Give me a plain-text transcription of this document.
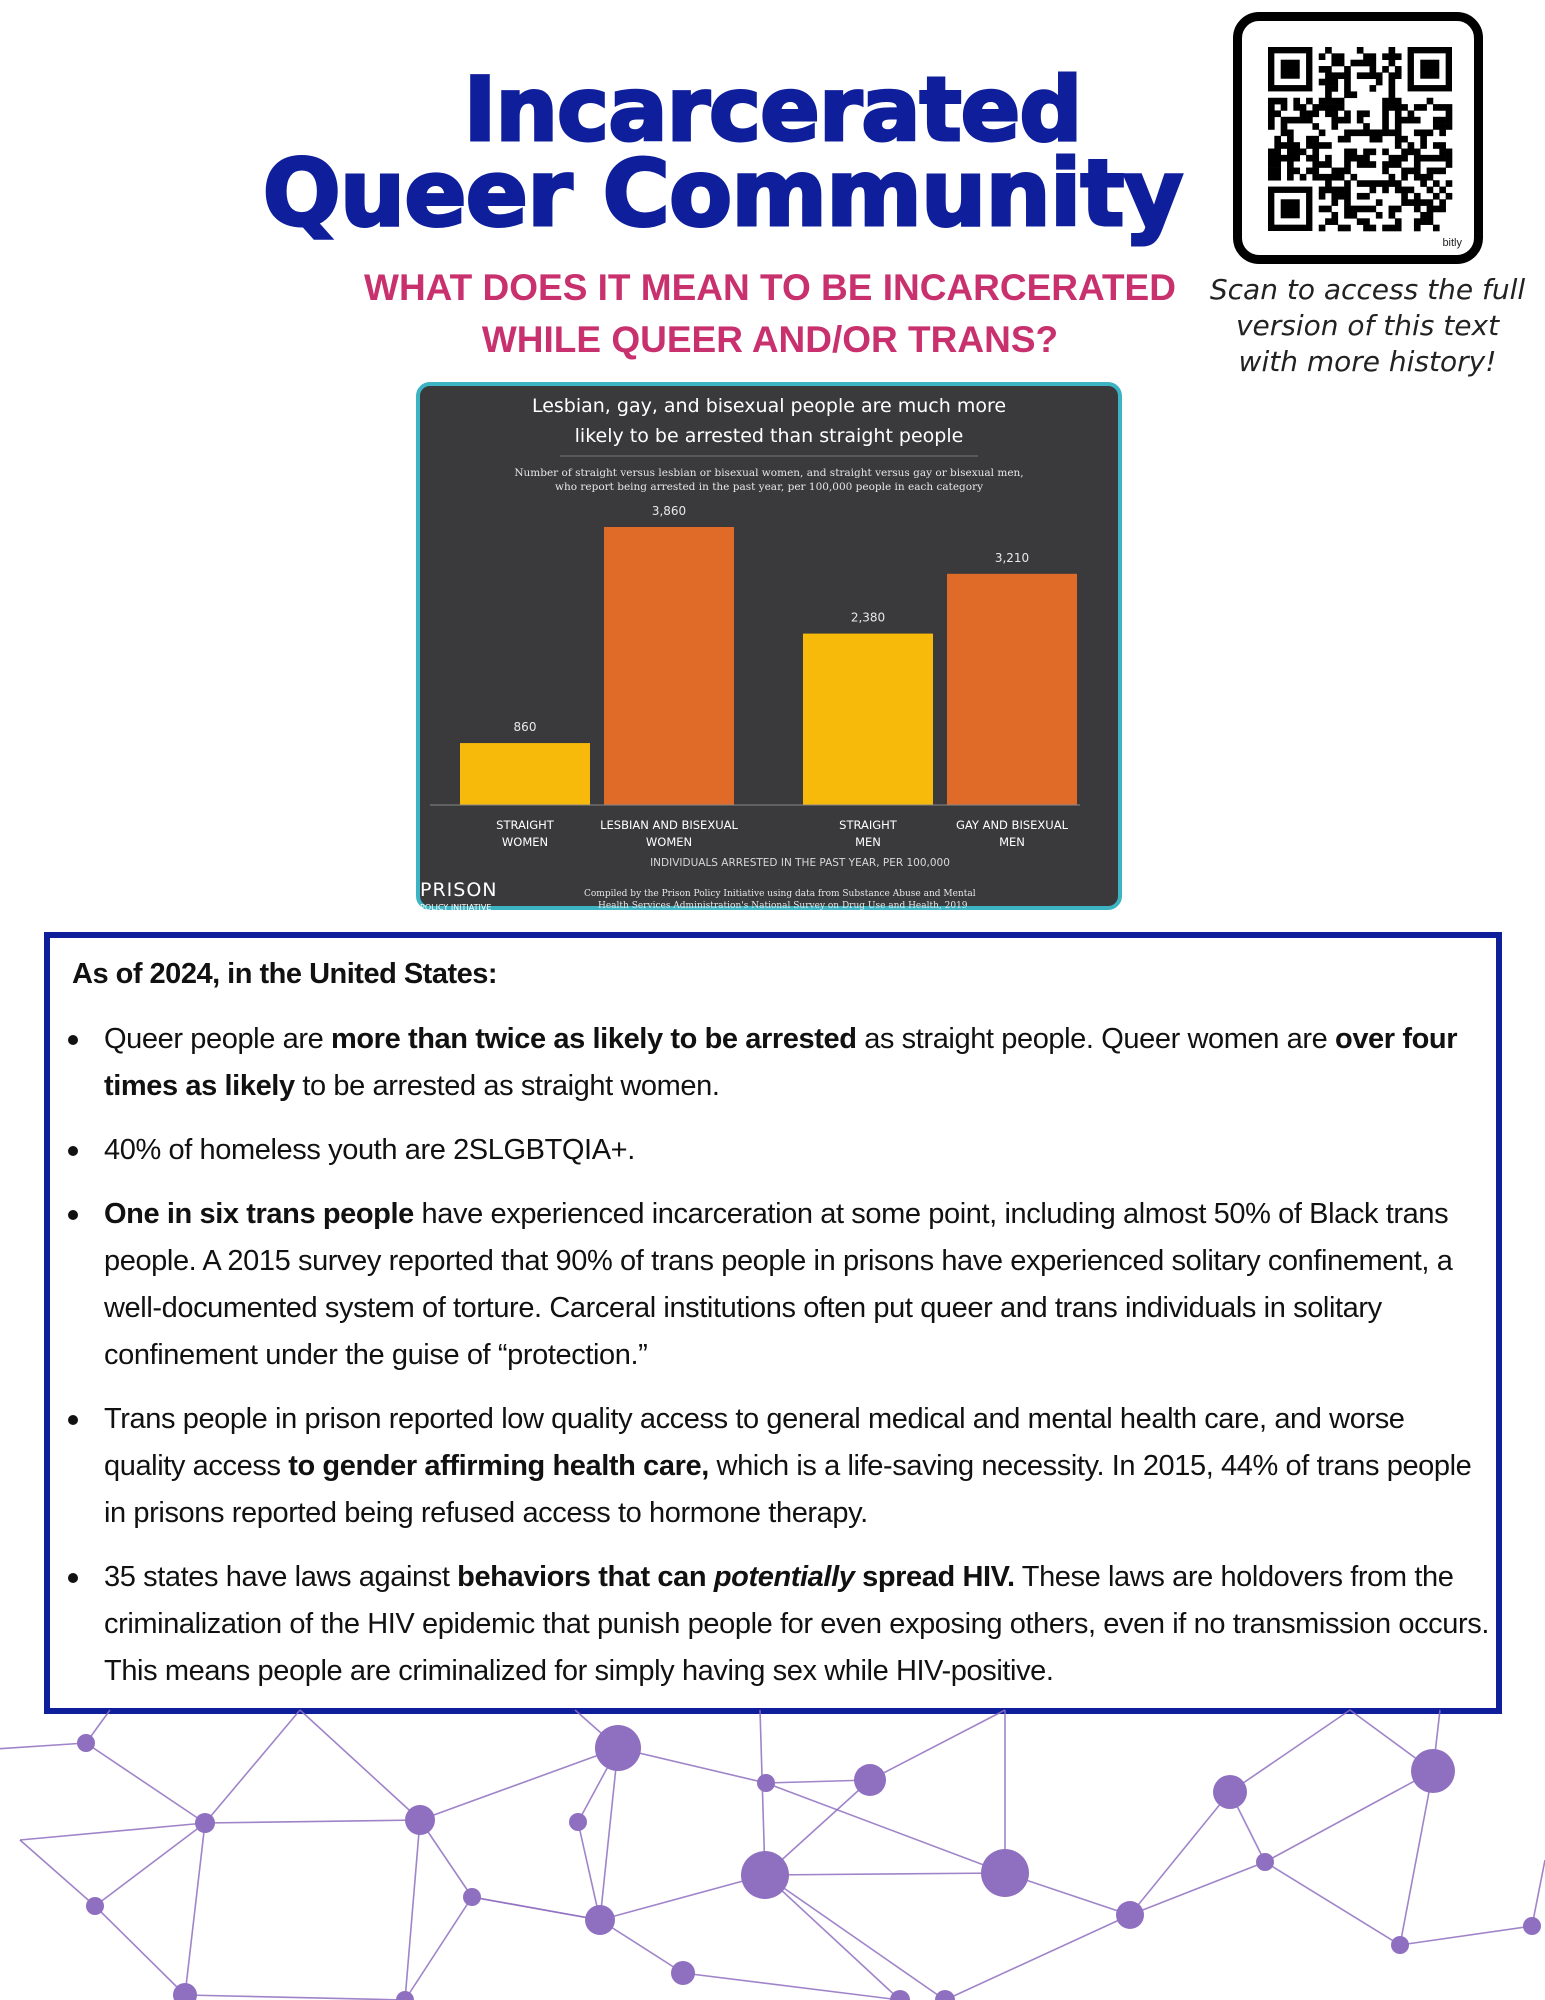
Incarcerated
Queer Community
WHAT DOES IT MEAN TO BE INCARCERATED
WHILE QUEER AND/OR TRANS?
bitly
Scan to access the full
version of this text
with more history!
Lesbian, gay, and bisexual people are much more
likely to be arrested than straight people
Number of straight versus lesbian or bisexual women, and straight versus gay or bisexual men,
who report being arrested in the past year, per 100,000 people in each category
860
STRAIGHT
WOMEN
3,860
LESBIAN AND BISEXUAL
WOMEN
2,380
STRAIGHT
MEN
3,210
GAY AND BISEXUAL
MEN
INDIVIDUALS ARRESTED IN THE PAST YEAR, PER 100,000
PRISON
POLICY INITIATIVE
Compiled by the Prison Policy Initiative using data from Substance Abuse and Mental
Health Services Administration's National Survey on Drug Use and Health, 2019
As of 2024, in the United States:
Queer people are more than twice as likely to be arrested as straight people. Queer women are over four times as likely to be arrested as straight women.
40% of homeless youth are 2SLGBTQIA+.
One in six trans people have experienced incarceration at some point, including almost 50% of Black trans people. A 2015 survey reported that 90% of trans people in prisons have experienced solitary confinement, a well-documented system of torture. Carceral institutions often put queer and trans individuals in solitary confinement under the guise of “protection.”
Trans people in prison reported low quality access to general medical and mental health care, and worse quality access to gender affirming health care, which is a life-saving necessity. In 2015, 44% of trans people in prisons reported being refused access to hormone therapy.
35 states have laws against behaviors that can potentially spread HIV. These laws are holdovers from the criminalization of the HIV epidemic that punish people for even exposing others, even if no transmission occurs. This means people are criminalized for simply having sex while HIV-positive.
